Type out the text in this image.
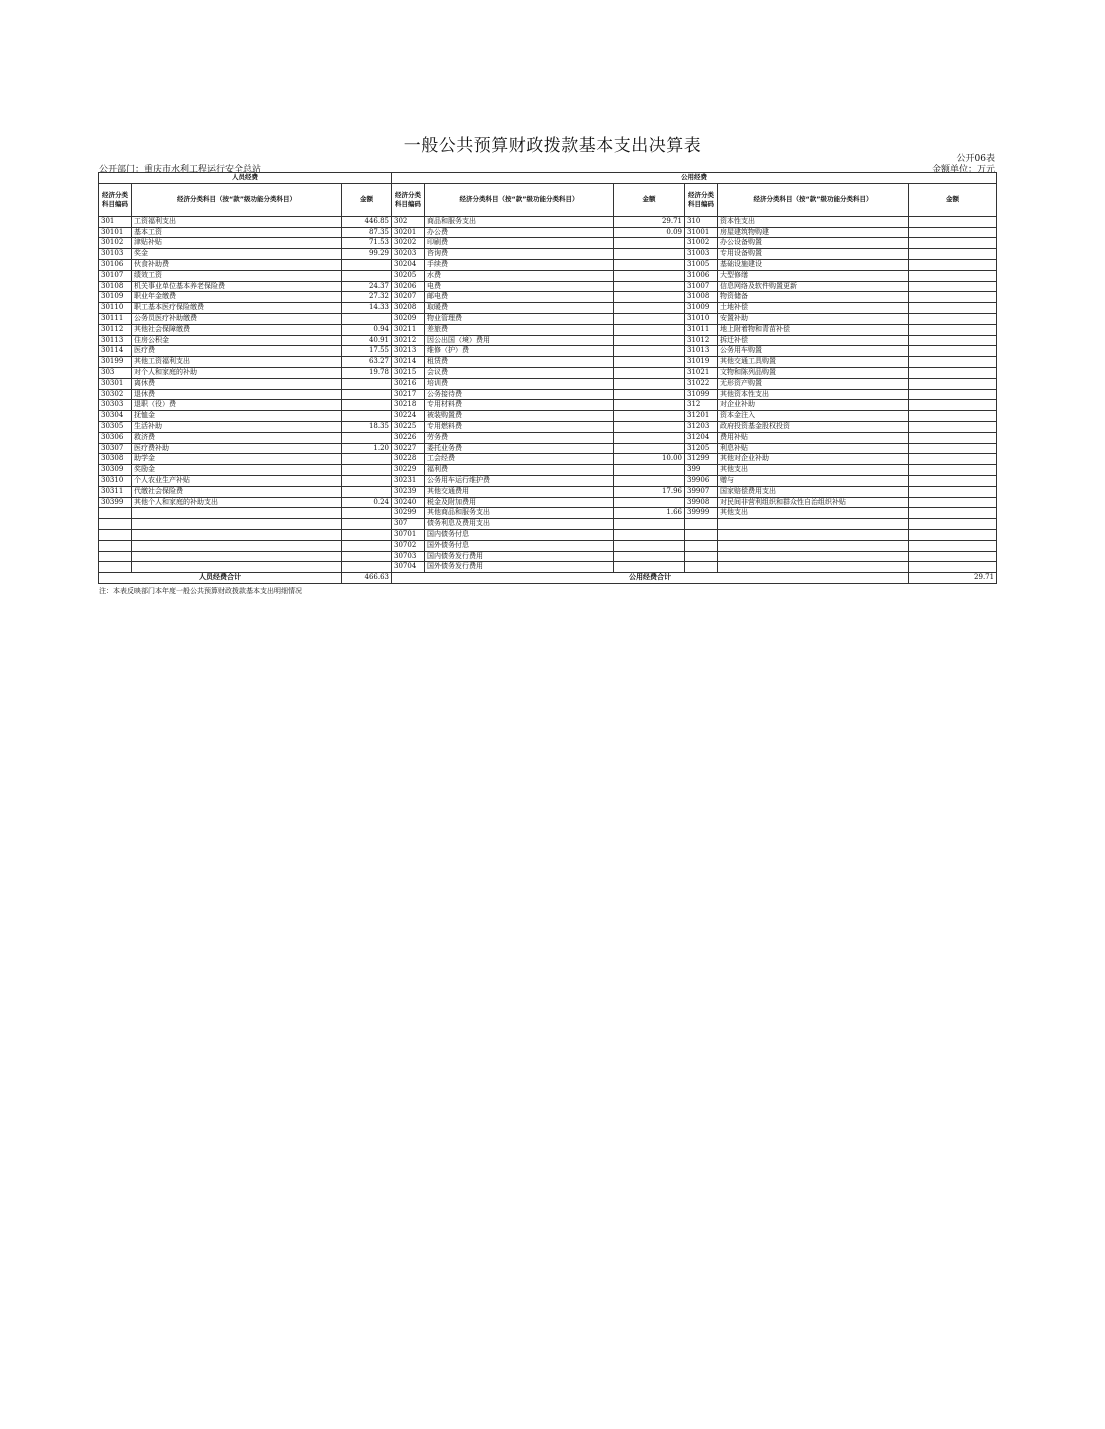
一般公共预算财政拨款基本支出决算表
公开06表
公开部门：重庆市水利工程运行安全总站	金额单位：万元
人员经费			公用经费					
经济分类科目编码	经济分类科目（按“款”级功能分类科目）	金额	经济分类科目编码	经济分类科目（按“款”级功能分类科目）	金额	经济分类科目编码	经济分类科目（按“款”级功能分类科目）	金额
301	工资福利支出	446.85	302	商品和服务支出	29.71	310	资本性支出	
30101	基本工资	87.35	30201	办公费	0.09	31001	房屋建筑物购建	
30102	津贴补贴	71.53	30202	印刷费		31002	办公设备购置	
30103	奖金	99.29	30203	咨询费		31003	专用设备购置	
30106	伙食补助费		30204	手续费		31005	基础设施建设	
30107	绩效工资		30205	水费		31006	大型修缮	
30108	机关事业单位基本养老保险费	24.37	30206	电费		31007	信息网络及软件购置更新	
30109	职业年金缴费	27.32	30207	邮电费		31008	物资储备	
30110	职工基本医疗保险缴费	14.33	30208	取暖费		31009	土地补偿	
30111	公务员医疗补助缴费		30209	物业管理费		31010	安置补助	
30112	其他社会保障缴费	0.94	30211	差旅费		31011	地上附着物和青苗补偿	
30113	住房公积金	40.91	30212	因公出国（境）费用		31012	拆迁补偿	
30114	医疗费	17.55	30213	维修（护）费		31013	公务用车购置	
30199	其他工资福利支出	63.27	30214	租赁费		31019	其他交通工具购置	
303	对个人和家庭的补助	19.78	30215	会议费		31021	文物和陈列品购置	
30301	离休费		30216	培训费		31022	无形资产购置	
30302	退休费		30217	公务接待费		31099	其他资本性支出	
30303	退职（役）费		30218	专用材料费		312	对企业补助	
30304	抚恤金		30224	被装购置费		31201	资本金注入	
30305	生活补助	18.35	30225	专用燃料费		31203	政府投资基金股权投资	
30306	救济费		30226	劳务费		31204	费用补贴	
30307	医疗费补助	1.20	30227	委托业务费		31205	利息补贴	
30308	助学金		30228	工会经费	10.00	31299	其他对企业补助	
30309	奖励金		30229	福利费		399	其他支出	
30310	个人农业生产补贴		30231	公务用车运行维护费		39906	赠与	
30311	代缴社会保险费		30239	其他交通费用	17.96	39907	国家赔偿费用支出	
30399	其他个人和家庭的补助支出	0.24	30240	税金及附加费用		39908	对民间非营利组织和群众性自治组织补贴	
			30299	其他商品和服务支出	1.66	39999	其他支出	
			307	债务利息及费用支出				
			30701	国内债务付息				
			30702	国外债务付息				
			30703	国内债务发行费用				
			30704	国外债务发行费用				
人员经费合计		466.63	公用经费合计					29.71
注：本表反映部门本年度一般公共预算财政拨款基本支出明细情况
